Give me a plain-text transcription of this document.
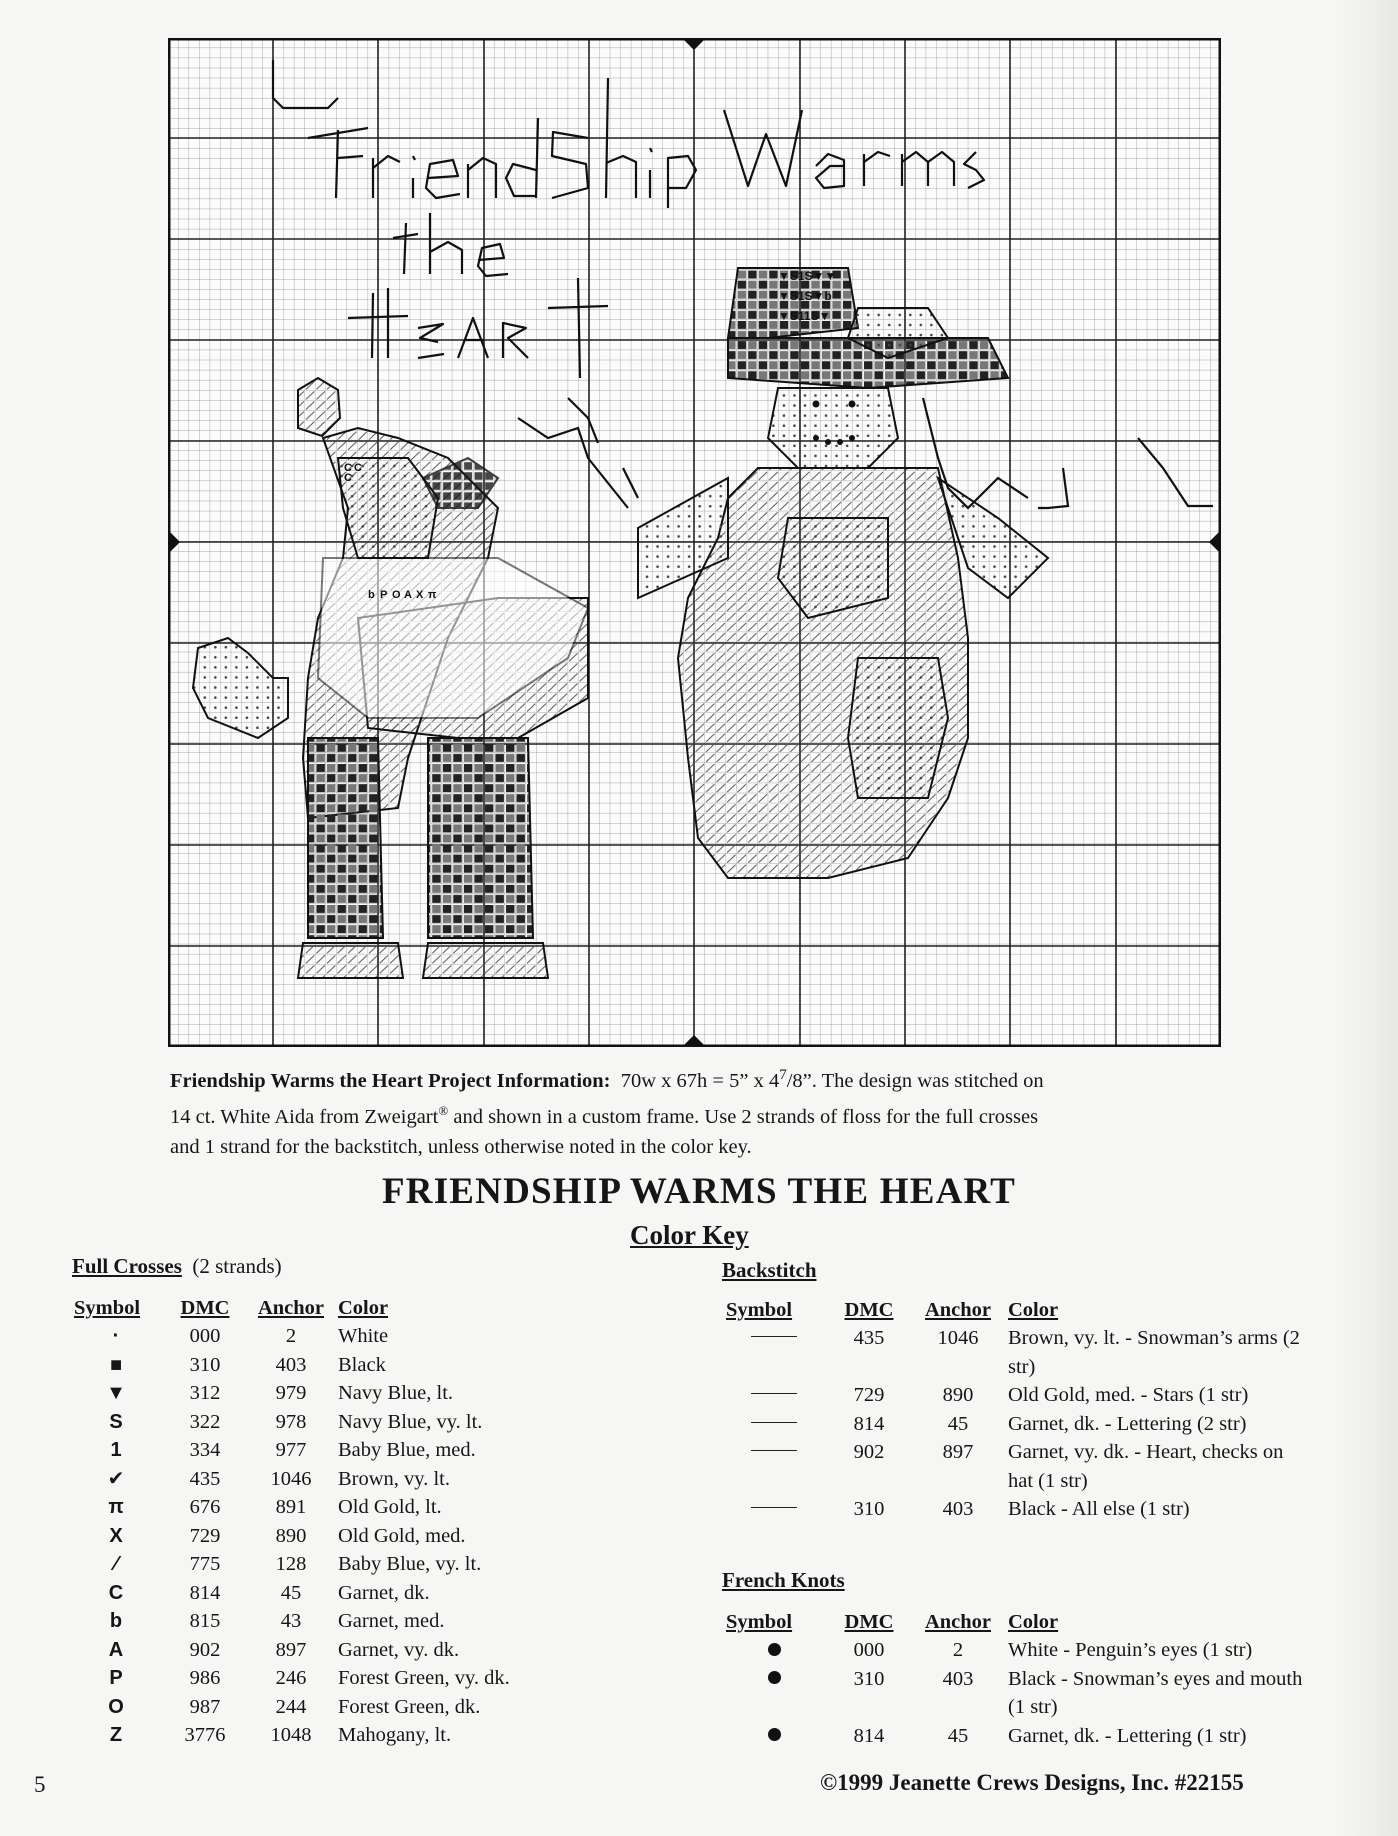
C C
C
b P O A X π
▼S1S▼▼
▼S1S▼b
▼S11S▼
Friendship Warms the Heart Project Information: 70w x 67h = 5” x $4^7/8$”. The design was stitched on
14 ct. White Aida from Zweigart® and shown in a custom frame. Use 2 strands of floss for the full crosses
and 1 strand for the backstitch, unless otherwise noted in the color key.
FRIENDSHIP WARMS THE HEART
Color Key
Full Crosses (2 strands)
Symbol	DMC	Anchor	Color
·	000	2	White
■	310	403	Black
▼	312	979	Navy Blue, lt.
S	322	978	Navy Blue, vy. lt.
1	334	977	Baby Blue, med.
✔	435	1046	Brown, vy. lt.
π	676	891	Old Gold, lt.
X	729	890	Old Gold, med.
⁄	775	128	Baby Blue, vy. lt.
C	814	45	Garnet, dk.
b	815	43	Garnet, med.
A	902	897	Garnet, vy. dk.
P	986	246	Forest Green, vy. dk.
O	987	244	Forest Green, dk.
Z	3776	1048	Mahogany, lt.
Backstitch
Symbol	DMC	Anchor	Color
	435	1046	Brown, vy. lt. - Snowman’s arms (2 str)
	729	890	Old Gold, med. - Stars (1 str)
	814	45	Garnet, dk. - Lettering (2 str)
	902	897	Garnet, vy. dk. - Heart, checks on hat (1 str)
	310	403	Black - All else (1 str)
French Knots
Symbol	DMC	Anchor	Color
	000	2	White - Penguin’s eyes (1 str)
	310	403	Black - Snowman’s eyes and mouth (1 str)
	814	45	Garnet, dk. - Lettering (1 str)
5	©1999 Jeanette Crews Designs, Inc. #22155
